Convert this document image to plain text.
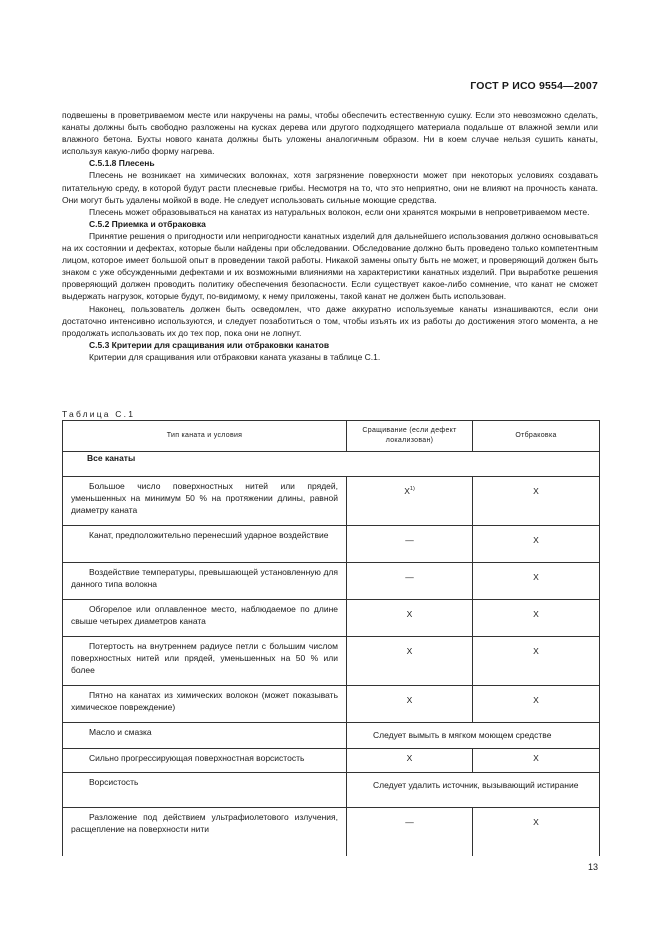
ГОСТ Р ИСО 9554—2007

подвешены в проветриваемом месте или накручены на рамы, чтобы обеспечить естественную сушку. Если это невозможно сделать, канаты должны быть свободно разложены на кусках дерева или другого подходящего материала подальше от влажной земли или влажного бетона. Бухты нового каната должны быть уложены аналогичным образом. Ни в коем случае нельзя сушить канаты, используя какую-либо форму нагрева.

С.5.1.8 Плесень

Плесень не возникает на химических волокнах, хотя загрязнение поверхности может при некоторых условиях создавать питательную среду, в которой будут расти плесневые грибы. Несмотря на то, что это неприятно, они не влияют на прочность каната. Они могут быть удалены мойкой в воде. Не следует использовать сильные моющие средства.

Плесень может образовываться на канатах из натуральных волокон, если они хранятся мокрыми в непроветриваемом месте.

С.5.2 Приемка и отбраковка

Принятие решения о пригодности или непригодности канатных изделий для дальнейшего использования должно основываться на их состоянии и дефектах, которые были найдены при обследовании. Обследование должно быть проведено только компетентным лицом, которое имеет большой опыт в проведении такой работы. Никакой замены опыту быть не может, и проверяющий должен быть знаком с уже обсужденными дефектами и их возможными влияниями на характеристики канатных изделий. При выработке решения проверяющий должен проводить политику обеспечения безопасности. Если существует какое-либо сомнение, что канат не сможет выдержать нагрузок, которые будут, по-видимому, к нему приложены, такой канат не должен быть использован.

Наконец, пользователь должен быть осведомлен, что даже аккуратно используемые канаты изнашиваются, если они достаточно интенсивно используются, и следует позаботиться о том, чтобы изъять их из работы до достижения этого момента, а не продолжать использовать их до тех пор, пока они не лопнут.

С.5.3 Критерии для сращивания или отбраковки канатов

Критерии для сращивания или отбраковки каната указаны в таблице С.1.

Таблица С.1
Тип каната и условия	Сращивание (если дефект локализован)	Отбраковка
Все канаты		

Большое число поверхностных нитей или прядей, уменьшенных на минимум 50 % на протяжении длины, равной диаметру каната	$X^{1)}$	X

Канат, предположительно перенесший ударное воздействие	—	X

Воздействие температуры, превышающей установленную для данного типа волокна	—	X

Обгорелое или оплавленное место, наблюдаемое по длине свыше четырех диаметров каната	X	X

Потертость на внутреннем радиусе петли с большим числом поверхностных нитей или прядей, уменьшенных на 50 % или более	X	X

Пятно на канатах из химических волокон (может показывать химическое повреждение)	X	X

Масло и смазка	Следует вымыть в мягком моющем средстве	

Сильно прогрессирующая поверхностная ворсистость	X	X

Ворсистость	Следует удалить источник, вызывающий истирание	

Разложение под действием ультрафиолетового излучения, расщепление на поверхности нити	—	X
13
